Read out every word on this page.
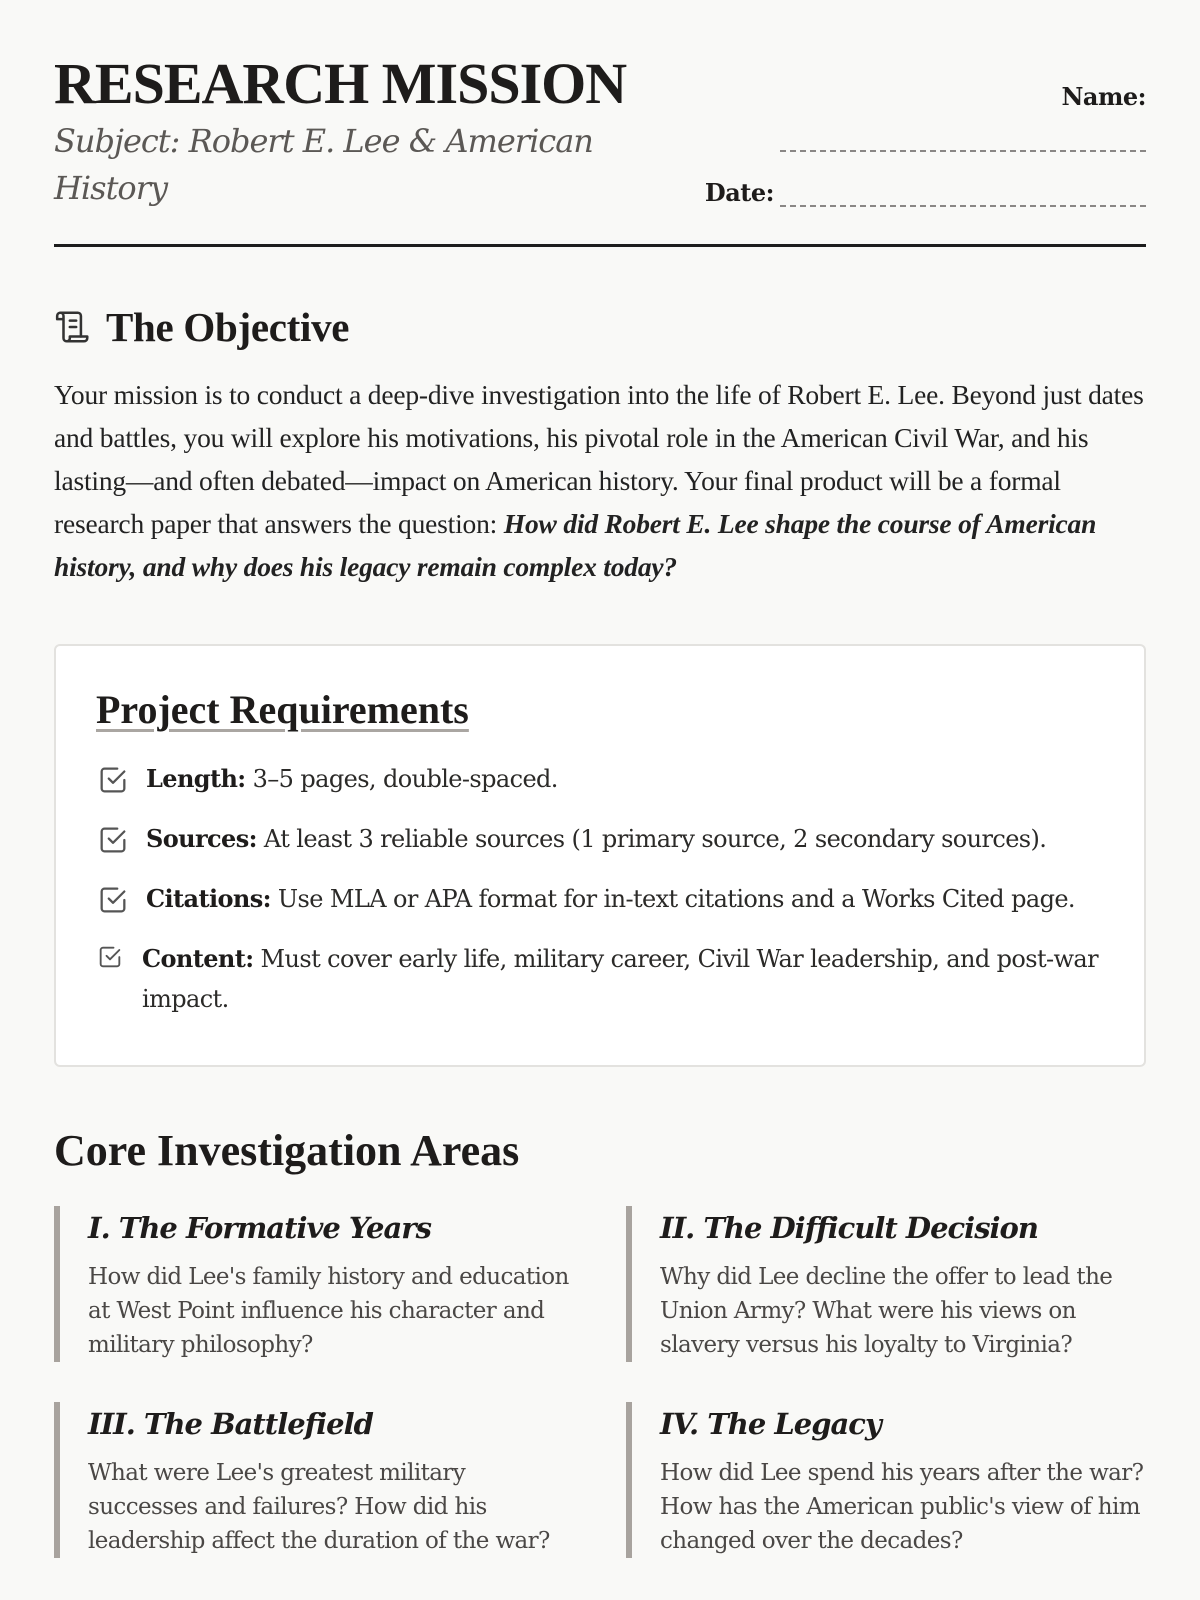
RESEARCH MISSION
Subject: Robert E. Lee & American History
Name:
Date:
The Objective

Your mission is to conduct a deep-dive investigation into the life of Robert E. Lee. Beyond just dates and battles, you will explore his motivations, his pivotal role in the American Civil War, and his lasting—and often debated—impact on American history. Your final product will be a formal research paper that answers the question: How did Robert E. Lee shape the course of American history, and why does his legacy remain complex today?

Project Requirements
Length: 3–5 pages, double-spaced.
Sources: At least 3 reliable sources (1 primary source, 2 secondary sources).
Citations: Use MLA or APA format for in-text citations and a Works Cited page.
Content: Must cover early life, military career, Civil War leadership, and post-war impact.
Core Investigation Areas
I. The Formative Years

How did Lee's family history and education at West Point influence his character and military philosophy?

II. The Difficult Decision

Why did Lee decline the offer to lead the Union Army? What were his views on slavery versus his loyalty to Virginia?

III. The Battlefield

What were Lee's greatest military successes and failures? How did his leadership affect the duration of the war?

IV. The Legacy

How did Lee spend his years after the war? How has the American public's view of him changed over the decades?
